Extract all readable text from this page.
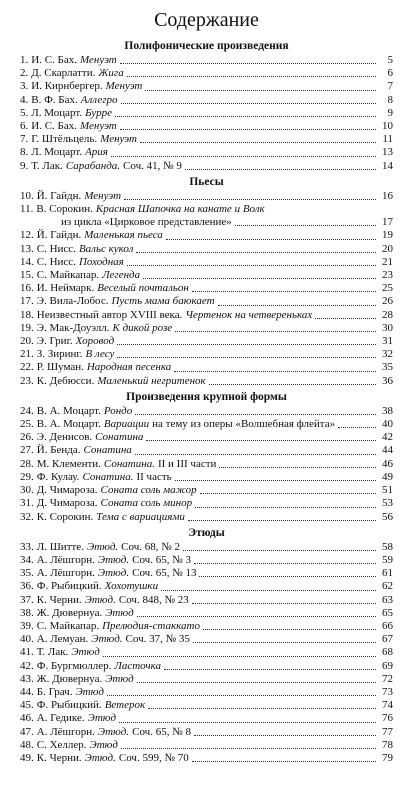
Содержание
Полифонические произведения
1. И. С. Бах. Менуэт	5
2. Д. Скарлатти. Жига	6
3. И. Кирнбергер. Менуэт	7
4. В. Ф. Бах. Аллегро	8
5. Л. Моцарт. Бурре	9
6. И. С. Бах. Менуэт	10
7. Г. Штёльцель. Менуэт	11
8. Л. Моцарт. Ария	13
9. Т. Лак. Сарабанда. Соч. 41, № 9	14
Пьесы
10. Й. Гайдн. Менуэт	16
11. В. Сорокин. Красная Шапочка на канате и Волк
из цикла «Цирковое представление»	17
12. Й. Гайдн. Маленькая пьеса	19
13. С. Нисс. Вальс кукол	20
14. С. Нисс. Походная	21
15. С. Майкапар. Легенда	23
16. И. Неймарк. Веселый почтальон	25
17. Э. Вила-Лобос. Пусть мама баюкает	26
18. Неизвестный автор XVIII века. Чертенок на четвереньках	28
19. Э. Мак-Доуэлл. К дикой розе	30
20. Э. Григ. Хоровод	31
21. З. Зиринг. В лесу	32
22. Р. Шуман. Народная песенка	35
23. К. Дебюсси. Маленький негритенок	36
Произведения крупной формы
24. В. А. Моцарт. Рондо	38
25. В. А. Моцарт. Вариации на тему из оперы «Волшебная флейта»	40
26. Э. Денисов. Сонатина	42
27. Й. Бенда. Сонатина	44
28. М. Клементи. Сонатина. II и III части	46
29. Ф. Кулау. Сонатина. II часть	49
30. Д. Чимароза. Соната соль мажор	51
31. Д. Чимароза. Соната соль минор	53
32. К. Сорокин. Тема с вариациями	56
Этюды
33. Л. Шитте. Этюд. Соч. 68, № 2	58
34. А. Лёшгорн. Этюд. Соч. 65, № 3	59
35. А. Лёшгорн. Этюд. Соч. 65, № 13	61
36. Ф. Рыбицкий. Хохотушки	62
37. К. Черни. Этюд. Соч. 848, № 23	63
38. Ж. Дювернуа. Этюд	65
39. С. Майкапар. Прелюдия-стаккато	66
40. А. Лемуан. Этюд. Соч. 37, № 35	67
41. Т. Лак. Этюд	68
42. Ф. Бургмюллер. Ласточка	69
43. Ж. Дювернуа. Этюд	72
44. Б. Грач. Этюд	73
45. Ф. Рыбицкий. Ветерок	74
46. А. Гедике. Этюд	76
47. А. Лёшгорн. Этюд. Соч. 65, № 8	77
48. С. Хеллер. Этюд	78
49. К. Черни. Этюд. Соч. 599, № 70	79
